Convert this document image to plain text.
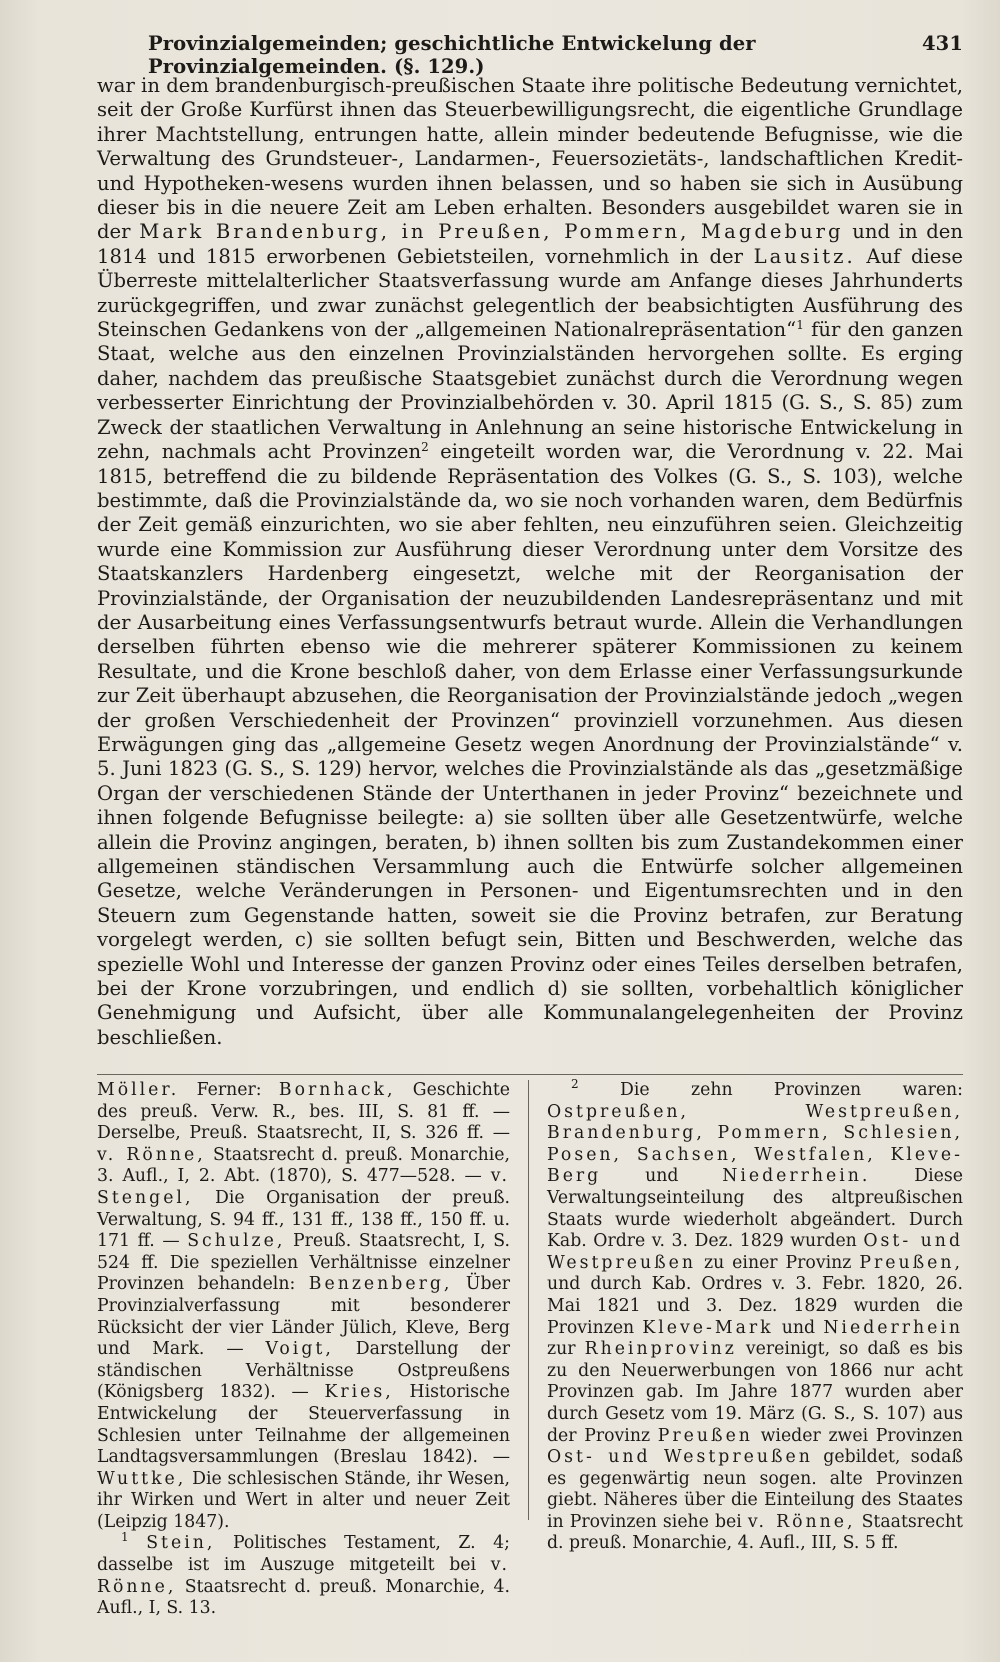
Provinzialgemeinden; geschichtliche Entwickelung der Provinzialgemeinden. (§. 129.)
431

war in dem brandenburgisch-preußischen Staate ihre politische Bedeutung vernichtet, seit der Große Kurfürst ihnen das Steuerbewilligungsrecht, die eigentliche Grundlage ihrer Machtstellung, entrungen hatte, allein minder bedeutende Befugnisse, wie die Verwaltung des Grundsteuer-, Landarmen-, Feuersozietäts-, landschaftlichen Kredit- und Hypotheken-wesens wurden ihnen belassen, und so haben sie sich in Ausübung dieser bis in die neuere Zeit am Leben erhalten. Besonders ausgebildet waren sie in der Mark Brandenburg, in Preußen, Pommern, Magdeburg und in den 1814 und 1815 erworbenen Gebietsteilen, vornehmlich in der Lausitz. Auf diese Überreste mittelalterlicher Staatsverfassung wurde am Anfange dieses Jahrhunderts zurückgegriffen, und zwar zunächst gelegentlich der beabsichtigten Ausführung des Steinschen Gedankens von der „allgemeinen Nationalrepräsentation“$^1$ für den ganzen Staat, welche aus den einzelnen Provinzialständen hervorgehen sollte. Es erging daher, nachdem das preußische Staatsgebiet zunächst durch die Verordnung wegen verbesserter Einrichtung der Provinzialbehörden v. 30. April 1815 (G. S., S. 85) zum Zweck der staatlichen Verwaltung in Anlehnung an seine historische Entwickelung in zehn, nachmals acht Provinzen$^2$ eingeteilt worden war, die Verordnung v. 22. Mai 1815, betreffend die zu bildende Repräsentation des Volkes (G. S., S. 103), welche bestimmte, daß die Provinzialstände da, wo sie noch vorhanden waren, dem Bedürfnis der Zeit gemäß einzurichten, wo sie aber fehlten, neu einzuführen seien. Gleichzeitig wurde eine Kommission zur Ausführung dieser Verordnung unter dem Vorsitze des Staatskanzlers Hardenberg eingesetzt, welche mit der Reorganisation der Provinzialstände, der Organisation der neuzubildenden Landesrepräsentanz und mit der Ausarbeitung eines Verfassungsentwurfs betraut wurde. Allein die Verhandlungen derselben führten ebenso wie die mehrerer späterer Kommissionen zu keinem Resultate, und die Krone beschloß daher, von dem Erlasse einer Verfassungsurkunde zur Zeit überhaupt abzusehen, die Reorganisation der Provinzialstände jedoch „wegen der großen Verschiedenheit der Provinzen“ provinziell vorzunehmen. Aus diesen Erwägungen ging das „allgemeine Gesetz wegen Anordnung der Provinzialstände“ v. 5. Juni 1823 (G. S., S. 129) hervor, welches die Provinzialstände als das „gesetzmäßige Organ der verschiedenen Stände der Unterthanen in jeder Provinz“ bezeichnete und ihnen folgende Befugnisse beilegte: a) sie sollten über alle Gesetzentwürfe, welche allein die Provinz angingen, beraten, b) ihnen sollten bis zum Zustandekommen einer allgemeinen ständischen Versammlung auch die Entwürfe solcher allgemeinen Gesetze, welche Veränderungen in Personen- und Eigentumsrechten und in den Steuern zum Gegenstande hatten, soweit sie die Provinz betrafen, zur Beratung vorgelegt werden, c) sie sollten befugt sein, Bitten und Beschwerden, welche das spezielle Wohl und Interesse der ganzen Provinz oder eines Teiles derselben betrafen, bei der Krone vorzubringen, und endlich d) sie sollten, vorbehaltlich königlicher Genehmigung und Aufsicht, über alle Kommunalangelegenheiten der Provinz beschließen.

Möller. Ferner: Bornhack, Geschichte des preuß. Verw. R., bes. III, S. 81 ff. — Derselbe, Preuß. Staatsrecht, II, S. 326 ff. — v. Rönne, Staatsrecht d. preuß. Monarchie, 3. Aufl., I, 2. Abt. (1870), S. 477—528. — v. Stengel, Die Organisation der preuß. Verwaltung, S. 94 ff., 131 ff., 138 ff., 150 ff. u. 171 ff. — Schulze, Preuß. Staatsrecht, I, S. 524 ff. Die speziellen Verhältnisse einzelner Provinzen behandeln: Benzenberg, Über Provinzialverfassung mit besonderer Rücksicht der vier Länder Jülich, Kleve, Berg und Mark. — Voigt, Darstellung der ständischen Verhältnisse Ostpreußens (Königsberg 1832). — Kries, Historische Entwickelung der Steuerverfassung in Schlesien unter Teilnahme der allgemeinen Landtagsversammlungen (Breslau 1842). — Wuttke, Die schlesischen Stände, ihr Wesen, ihr Wirken und Wert in alter und neuer Zeit (Leipzig 1847).

$^1$ Stein, Politisches Testament, Z. 4; dasselbe ist im Auszuge mitgeteilt bei v. Rönne, Staatsrecht d. preuß. Monarchie, 4. Aufl., I, S. 13.

$^2$ Die zehn Provinzen waren: Ostpreußen, Westpreußen, Brandenburg, Pommern, Schlesien, Posen, Sachsen, Westfalen, Kleve-Berg	und	Niederrhein.	Diese Verwaltungseinteilung des altpreußischen Staats wurde wiederholt abgeändert. Durch Kab. Ordre v. 3. Dez. 1829 wurden Ost- und Westpreußen zu einer Provinz Preußen, und durch Kab. Ordres v. 3. Febr. 1820, 26. Mai 1821 und 3. Dez. 1829 wurden die Provinzen Kleve-Mark und Niederrhein zur Rheinprovinz vereinigt, so daß es bis zu den Neuerwerbungen von 1866 nur acht Provinzen gab. Im Jahre 1877 wurden aber durch Gesetz vom 19. März (G. S., S. 107) aus der Provinz Preußen wieder zwei Provinzen Ost- und Westpreußen gebildet, sodaß es gegenwärtig neun sogen. alte Provinzen giebt. Näheres über die Einteilung des Staates in Provinzen siehe bei v. Rönne, Staatsrecht d. preuß. Monarchie, 4. Aufl., III, S. 5 ff.
